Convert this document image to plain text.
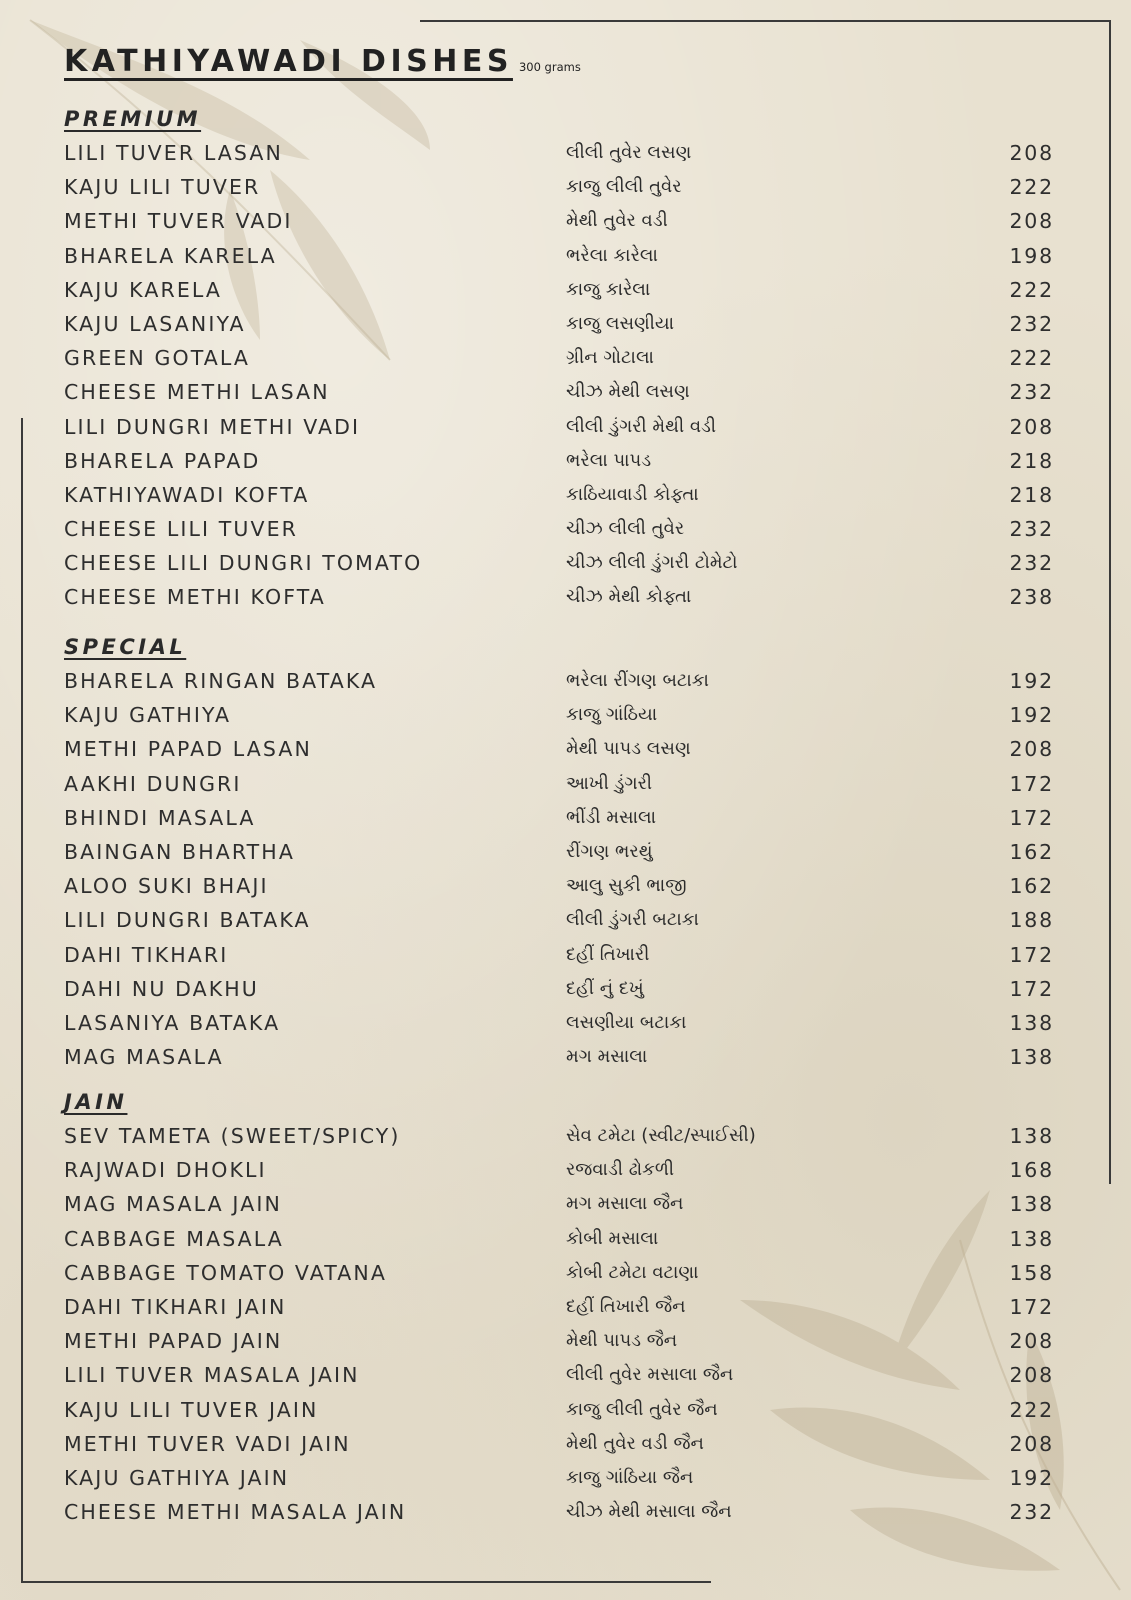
KATHIYAWADI DISHES 300 grams
PREMIUM
LILI TUVER LASAN	લીલી તુવેર લસણ	208
KAJU LILI TUVER	કાજુ લીલી તુવેર	222
METHI TUVER VADI	મેથી તુવેર વડી	208
BHARELA KARELA	ભરેલા કારેલા	198
KAJU KARELA	કાજુ કારેલા	222
KAJU LASANIYA	કાજુ લસણીયા	232
GREEN GOTALA	ગ્રીન ગોટાલા	222
CHEESE METHI LASAN	ચીઝ મેથી લસણ	232
LILI DUNGRI METHI VADI	લીલી ડુંગરી મેથી વડી	208
BHARELA PAPAD	ભરેલા પાપડ	218
KATHIYAWADI KOFTA	કાઠિયાવાડી કોફ્તા	218
CHEESE LILI TUVER	ચીઝ લીલી તુવેર	232
CHEESE LILI DUNGRI TOMATO	ચીઝ લીલી ડુંગરી ટોમેટો	232
CHEESE METHI KOFTA	ચીઝ મેથી કોફ્તા	238
SPECIAL
BHARELA RINGAN BATAKA	ભરેલા રીંગણ બટાકા	192
KAJU GATHIYA	કાજુ ગાંઠિયા	192
METHI PAPAD LASAN	મેથી પાપડ લસણ	208
AAKHI DUNGRI	આખી ડુંગરી	172
BHINDI MASALA	ભીંડી મસાલા	172
BAINGAN BHARTHA	રીંગણ ભરથું	162
ALOO SUKI BHAJI	આલુ સુકી ભાજી	162
LILI DUNGRI BATAKA	લીલી ડુંગરી બટાકા	188
DAHI TIKHARI	દહીં તિખારી	172
DAHI NU DAKHU	દહીં નું દખું	172
LASANIYA BATAKA	લસણીયા બટાકા	138
MAG MASALA	મગ મસાલા	138
JAIN
SEV TAMETA (SWEET/SPICY)	સેવ ટમેટા (સ્વીટ/સ્પાઈસી)	138
RAJWADI DHOKLI	રજવાડી ઢોકળી	168
MAG MASALA JAIN	મગ મસાલા જૈન	138
CABBAGE MASALA	કોબી મસાલા	138
CABBAGE TOMATO VATANA	કોબી ટમેટા વટાણા	158
DAHI TIKHARI JAIN	દહીં તિખારી જૈન	172
METHI PAPAD JAIN	મેથી પાપડ જૈન	208
LILI TUVER MASALA JAIN	લીલી તુવેર મસાલા જૈન	208
KAJU LILI TUVER JAIN	કાજુ લીલી તુવેર જૈન	222
METHI TUVER VADI JAIN	મેથી તુવેર વડી જૈન	208
KAJU GATHIYA JAIN	કાજુ ગાંઠિયા જૈન	192
CHEESE METHI MASALA JAIN	ચીઝ મેથી મસાલા જૈન	232
